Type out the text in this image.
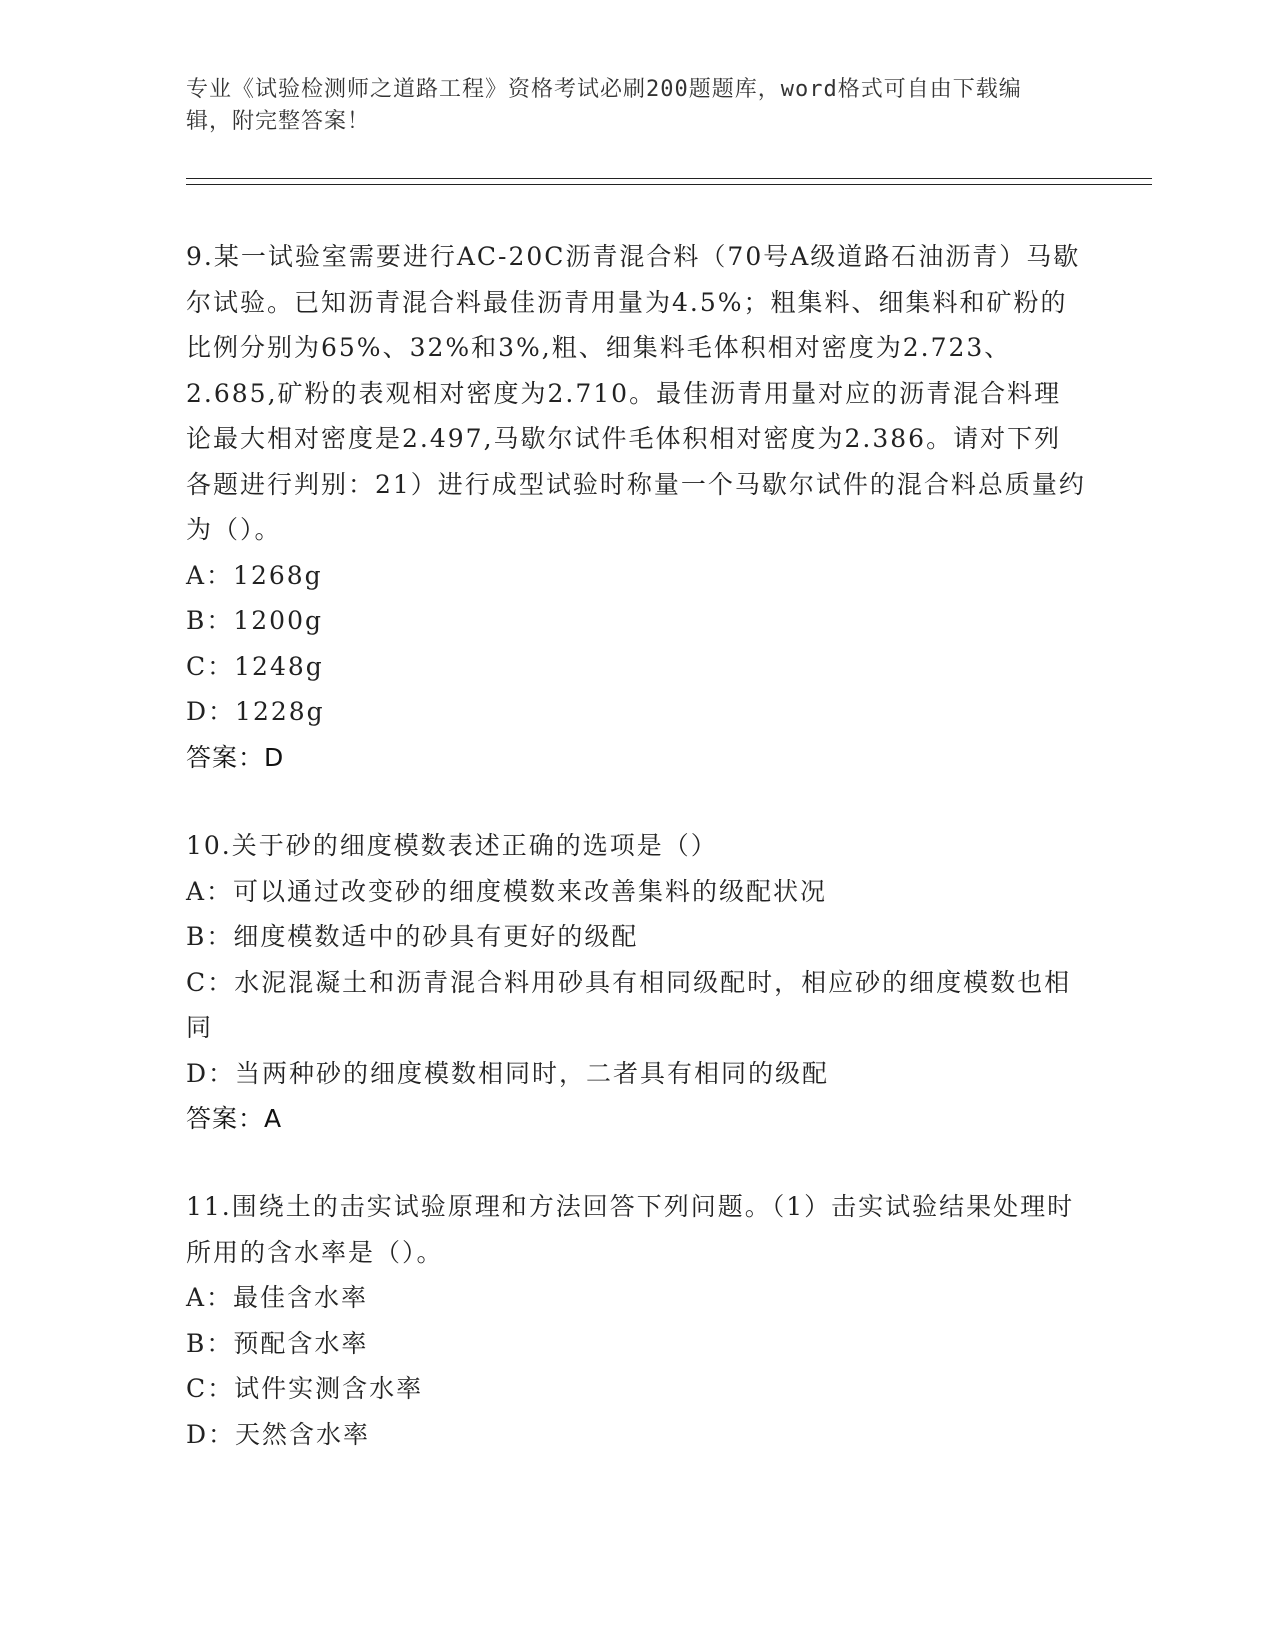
专业《试验检测师之道路工程》资格考试必刷200题题库，word格式可自由下载编辑，附完整答案！

9.某一试验室需要进行AC-20C沥青混合料（70号A级道路石油沥青）马歇尔试验。已知沥青混合料最佳沥青用量为4.5%；粗集料、细集料和矿粉的比例分别为65%、32%和3%,粗、细集料毛体积相对密度为2.723、2.685,矿粉的表观相对密度为2.710。最佳沥青用量对应的沥青混合料理论最大相对密度是2.497,马歇尔试件毛体积相对密度为2.386。请对下列各题进行判别：21）进行成型试验时称量一个马歇尔试件的混合料总质量约为（）。

A：1268g

B：1200g

C：1248g

D：1228g

答案：D

10.关于砂的细度模数表述正确的选项是（）

A：可以通过改变砂的细度模数来改善集料的级配状况

B：细度模数适中的砂具有更好的级配

C：水泥混凝土和沥青混合料用砂具有相同级配时，相应砂的细度模数也相同

D：当两种砂的细度模数相同时，二者具有相同的级配

答案：A

11.围绕土的击实试验原理和方法回答下列问题。（1）击实试验结果处理时所用的含水率是（）。

A：最佳含水率

B：预配含水率

C：试件实测含水率

D：天然含水率
